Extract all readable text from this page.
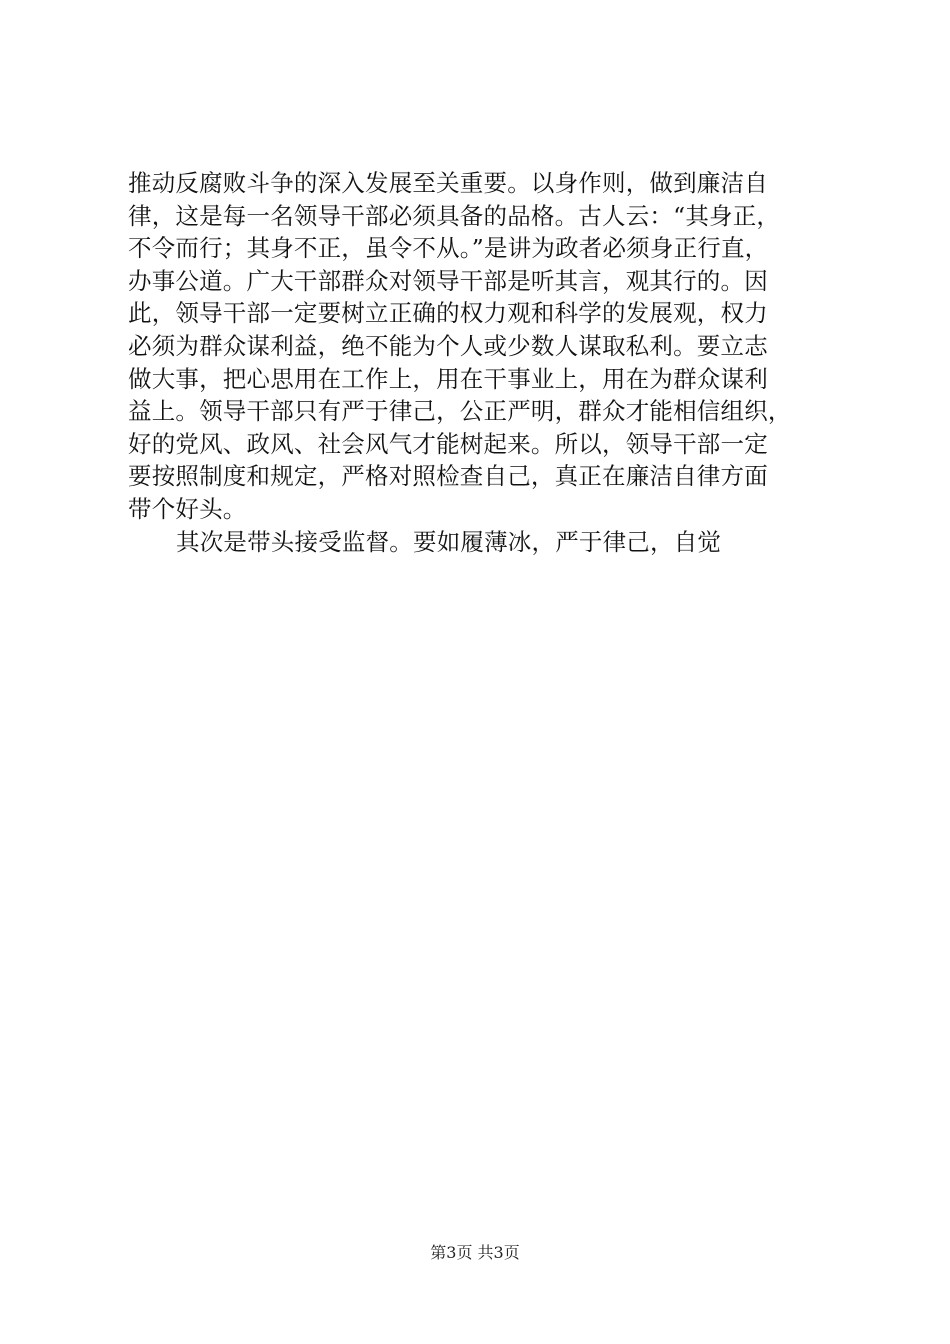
推动反腐败斗争的深入发展至关重要。以身作则，做到廉洁自
律，这是每一名领导干部必须具备的品格。古人云：“其身正，
不令而行；其身不正，虽令不从。”是讲为政者必须身正行直，
办事公道。广大干部群众对领导干部是听其言，观其行的。因
此，领导干部一定要树立正确的权力观和科学的发展观，权力
必须为群众谋利益，绝不能为个人或少数人谋取私利。要立志
做大事，把心思用在工作上，用在干事业上，用在为群众谋利
益上。领导干部只有严于律己，公正严明，群众才能相信组织，
好的党风、政风、社会风气才能树起来。所以，领导干部一定
要按照制度和规定，严格对照检查自己，真正在廉洁自律方面
带个好头。
其次是带头接受监督。要如履薄冰，严于律己，自觉
第3页 共3页
